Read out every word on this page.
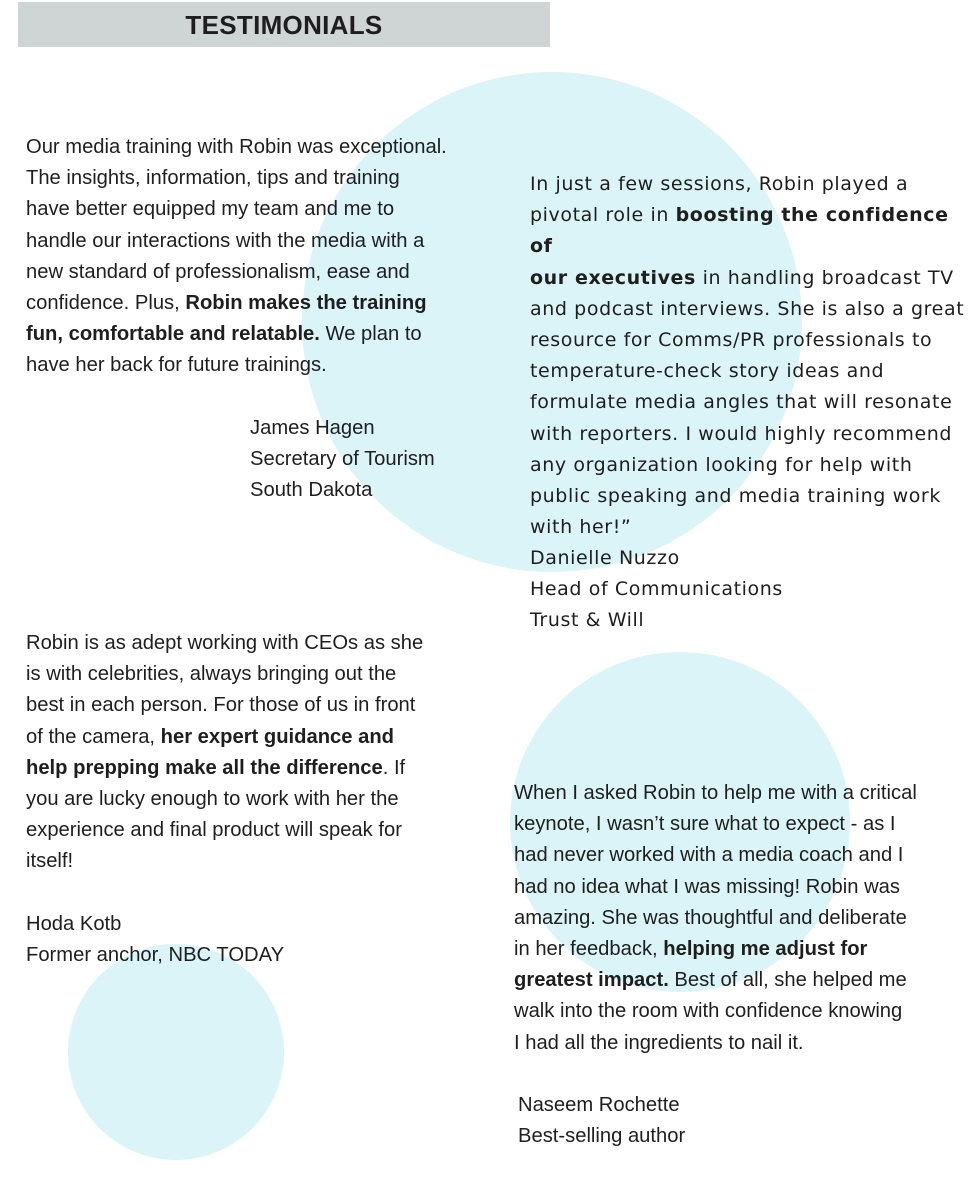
TESTIMONIALS

Our media training with Robin was exceptional.

The insights, information, tips and training

have better equipped my team and me to

handle our interactions with the media with a

new standard of professionalism, ease and

confidence. Plus, Robin makes the training

fun, comfortable and relatable. We plan to

have her back for future trainings.

James Hagen

Secretary of Tourism

South Dakota

In just a few sessions, Robin played a

pivotal role in boosting the confidence of

our executives in handling broadcast TV

and podcast interviews. She is also a great

resource for Comms/PR professionals to

temperature-check story ideas and

formulate media angles that will resonate

with reporters. I would highly recommend

any organization looking for help with

public speaking and media training work

with her!”

Danielle Nuzzo

Head of Communications

Trust & Will

Robin is as adept working with CEOs as she

is with celebrities, always bringing out the

best in each person. For those of us in front

of the camera, her expert guidance and

help prepping make all the difference. If

you are lucky enough to work with her the

experience and final product will speak for

itself!

Hoda Kotb

Former anchor, NBC TODAY

When I asked Robin to help me with a critical

keynote, I wasn’t sure what to expect - as I

had never worked with a media coach and I

had no idea what I was missing! Robin was

amazing. She was thoughtful and deliberate

in her feedback, helping me adjust for

greatest impact. Best of all, she helped me

walk into the room with confidence knowing

I had all the ingredients to nail it.

Naseem Rochette

Best-selling author
